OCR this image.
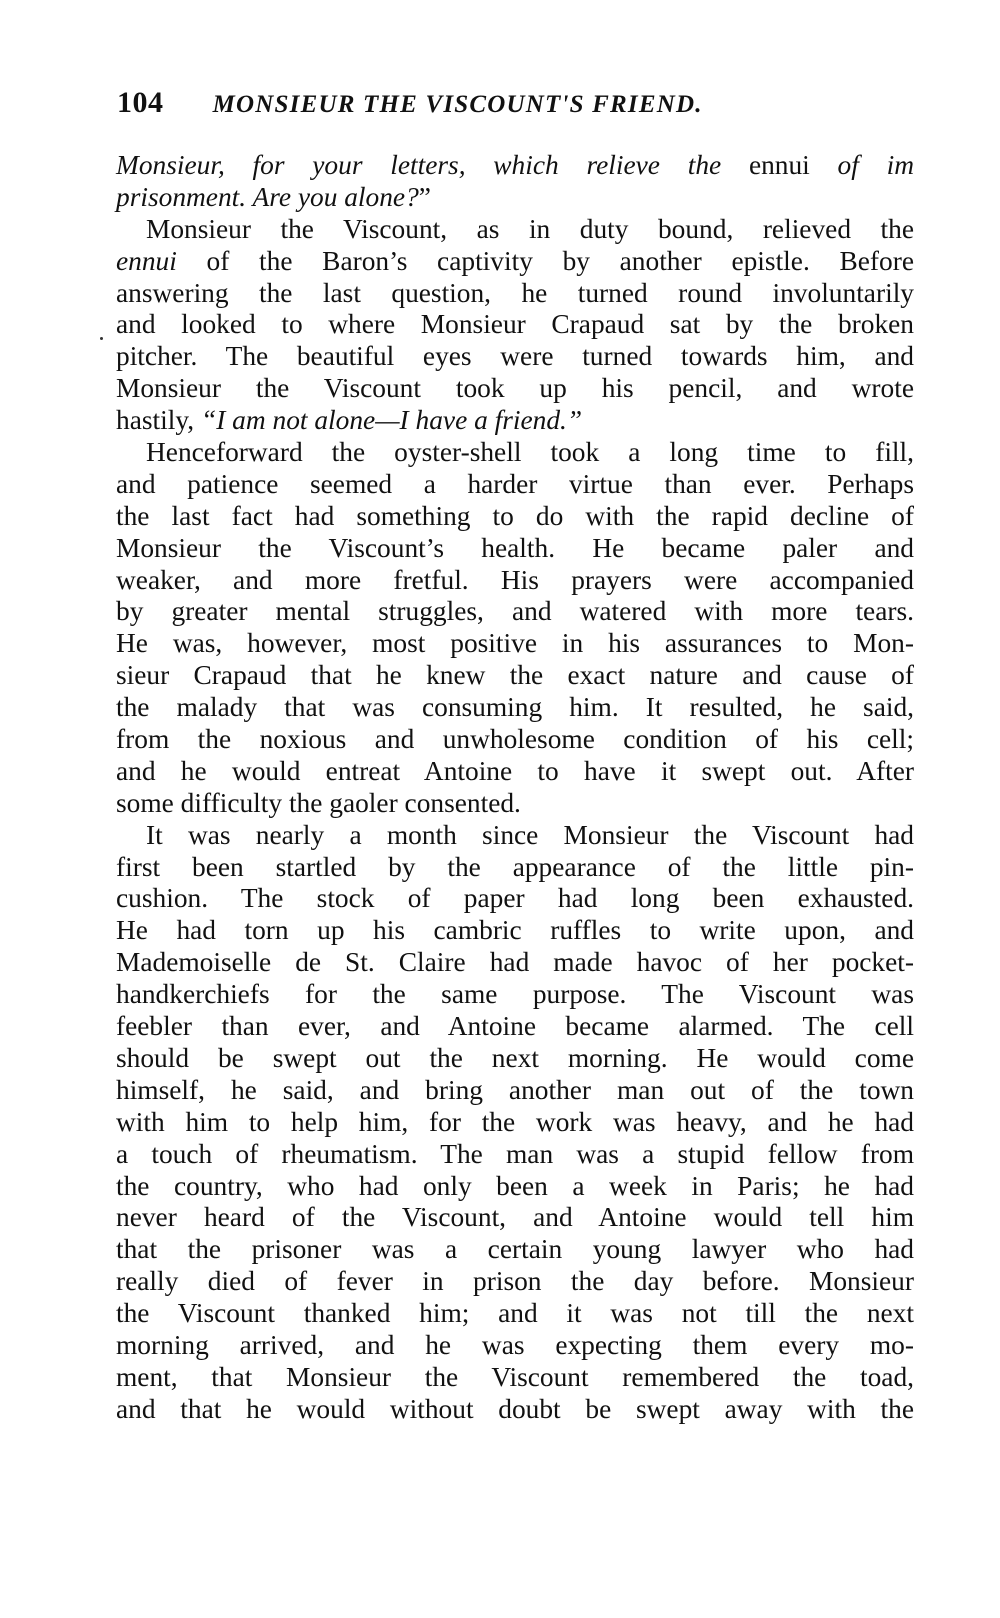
104 MONSIEUR THE VISCOUNT'S FRIEND.
Monsieur, for your letters, which relieve the ennui of im
prisonment. Are you alone?”
Monsieur the Viscount, as in duty bound, relieved the
ennui of the Baron’s captivity by another epistle. Before
answering the last question, he turned round involuntarily
and looked to where Monsieur Crapaud sat by the broken
pitcher. The beautiful eyes were turned towards him, and
Monsieur the Viscount took up his pencil, and wrote
hastily, “I am not alone—I have a friend.”
Henceforward the oyster-shell took a long time to fill,
and patience seemed a harder virtue than ever. Perhaps
the last fact had something to do with the rapid decline of
Monsieur the Viscount’s health. He became paler and
weaker, and more fretful. His prayers were accompanied
by greater mental struggles, and watered with more tears.
He was, however, most positive in his assurances to Mon-
sieur Crapaud that he knew the exact nature and cause of
the malady that was consuming him. It resulted, he said,
from the noxious and unwholesome condition of his cell;
and he would entreat Antoine to have it swept out. After
some difficulty the gaoler consented.
It was nearly a month since Monsieur the Viscount had
first been startled by the appearance of the little pin-
cushion. The stock of paper had long been exhausted.
He had torn up his cambric ruffles to write upon, and
Mademoiselle de St. Claire had made havoc of her pocket-
handkerchiefs for the same purpose. The Viscount was
feebler than ever, and Antoine became alarmed. The cell
should be swept out the next morning. He would come
himself, he said, and bring another man out of the town
with him to help him, for the work was heavy, and he had
a touch of rheumatism. The man was a stupid fellow from
the country, who had only been a week in Paris; he had
never heard of the Viscount, and Antoine would tell him
that the prisoner was a certain young lawyer who had
really died of fever in prison the day before. Monsieur
the Viscount thanked him; and it was not till the next
morning arrived, and he was expecting them every mo-
ment, that Monsieur the Viscount remembered the toad,
and that he would without doubt be swept away with the
